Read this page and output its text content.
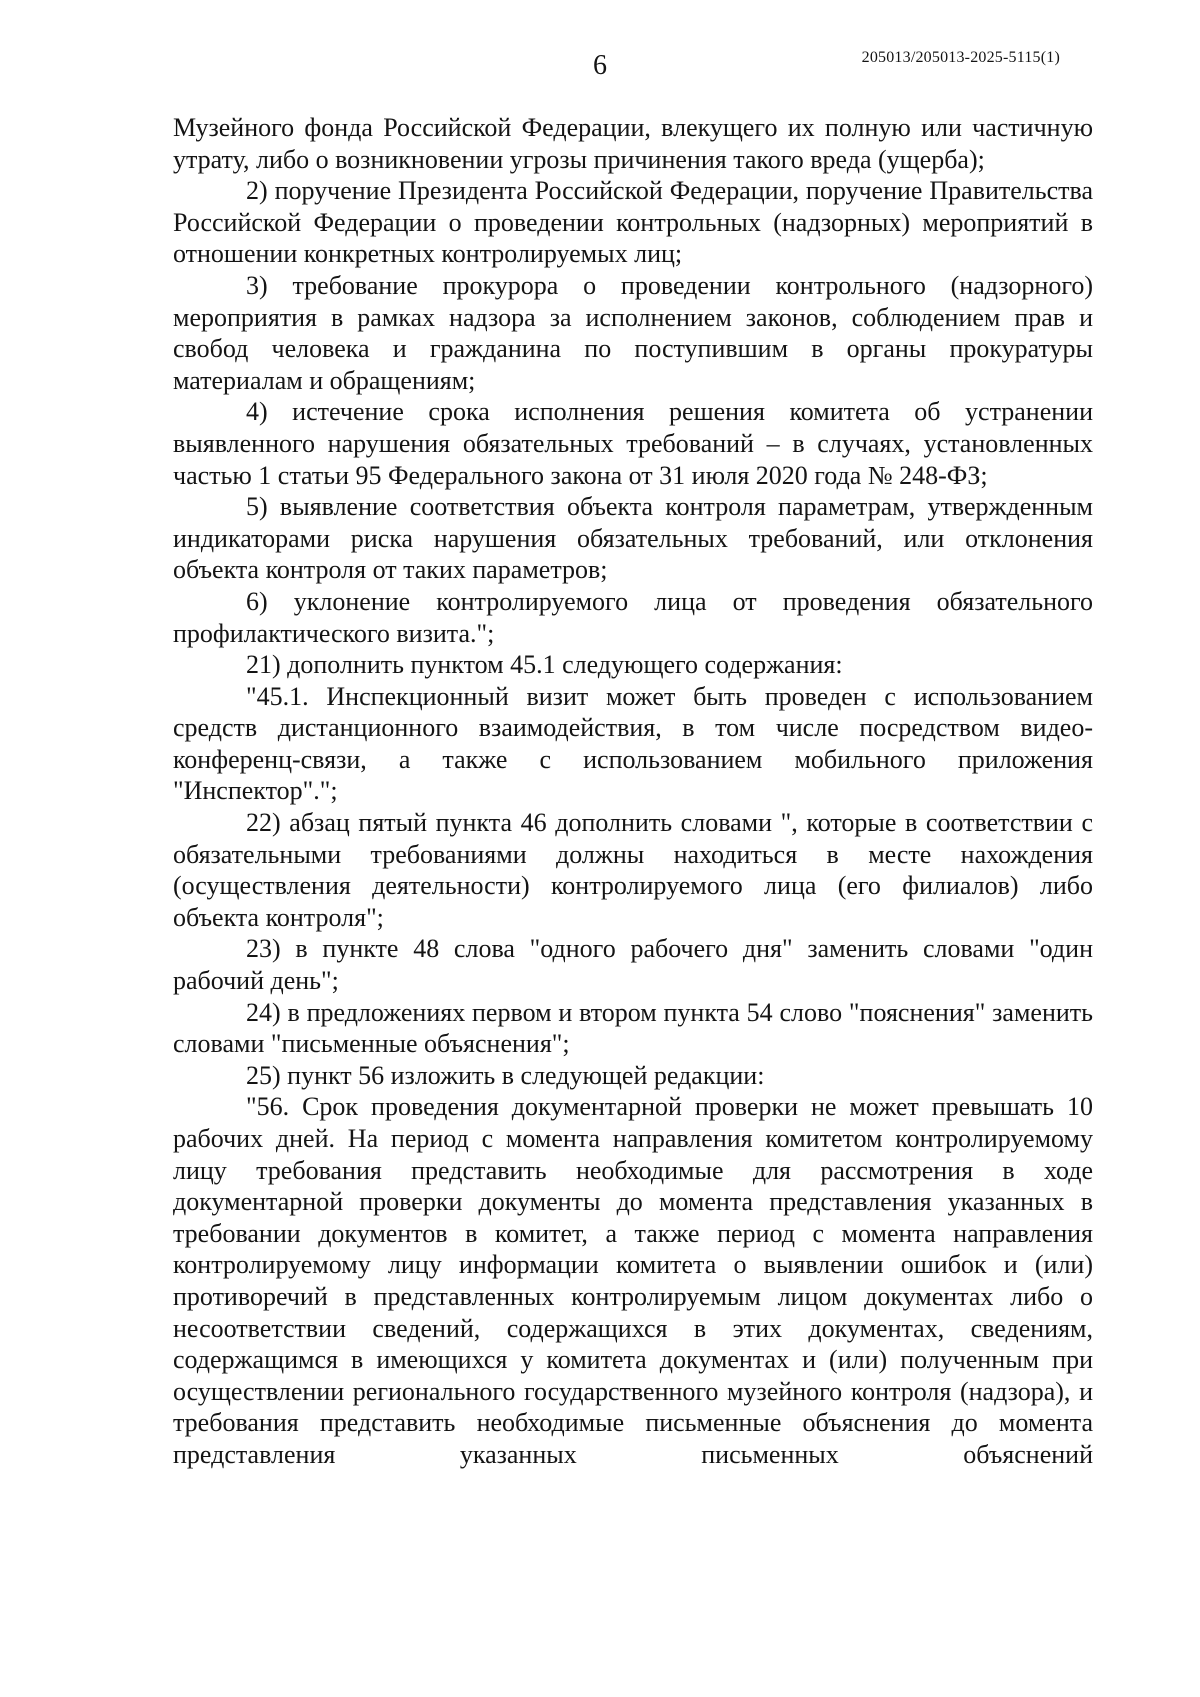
6	205013/205013-2025-5115(1)

Музейного фонда Российской Федерации, влекущего их полную или частичную утрату, либо о возникновении угрозы причинения такого вреда (ущерба);

2) поручение Президента Российской Федерации, поручение Правительства Российской Федерации о проведении контрольных (надзорных) мероприятий в отношении конкретных контролируемых лиц;

3) требование прокурора о проведении контрольного (надзорного) мероприятия в рамках надзора за исполнением законов, соблюдением прав и свобод человека и гражданина по поступившим в органы прокуратуры материалам и обращениям;

4) истечение срока исполнения решения комитета об устранении выявленного нарушения обязательных требований – в случаях, установленных частью 1 статьи 95 Федерального закона от 31 июля 2020 года № 248-ФЗ;

5) выявление соответствия объекта контроля параметрам, утвержденным индикаторами риска нарушения обязательных требований, или отклонения объекта контроля от таких параметров;

6) уклонение контролируемого лица от проведения обязательного профилактического визита.";

21) дополнить пунктом 45.1 следующего содержания:

"45.1. Инспекционный визит может быть проведен с использованием средств дистанционного взаимодействия, в том числе посредством видео-конференц-связи, а также с использованием мобильного приложения "Инспектор".";

22) абзац пятый пункта 46 дополнить словами ", которые в соответствии с обязательными требованиями должны находиться в месте нахождения (осуществления деятельности) контролируемого лица (его филиалов) либо объекта контроля";

23) в пункте 48 слова "одного рабочего дня" заменить словами "один рабочий день";

24) в предложениях первом и втором пункта 54 слово "пояснения" заменить словами "письменные объяснения";

25) пункт 56 изложить в следующей редакции:

"56. Срок проведения документарной проверки не может превышать 10 рабочих дней. На период с момента направления комитетом контролируемому лицу требования представить необходимые для рассмотрения в ходе документарной проверки документы до момента представления указанных в требовании документов в комитет, а также период с момента направления контролируемому лицу информации комитета о выявлении ошибок и (или) противоречий в представленных контролируемым лицом документах либо о несоответствии сведений, содержащихся в этих документах, сведениям, содержащимся в имеющихся у комитета документах и (или) полученным при осуществлении регионального государственного музейного контроля (надзора), и требования представить необходимые письменные объяснения до момента представления указанных письменных объяснений
